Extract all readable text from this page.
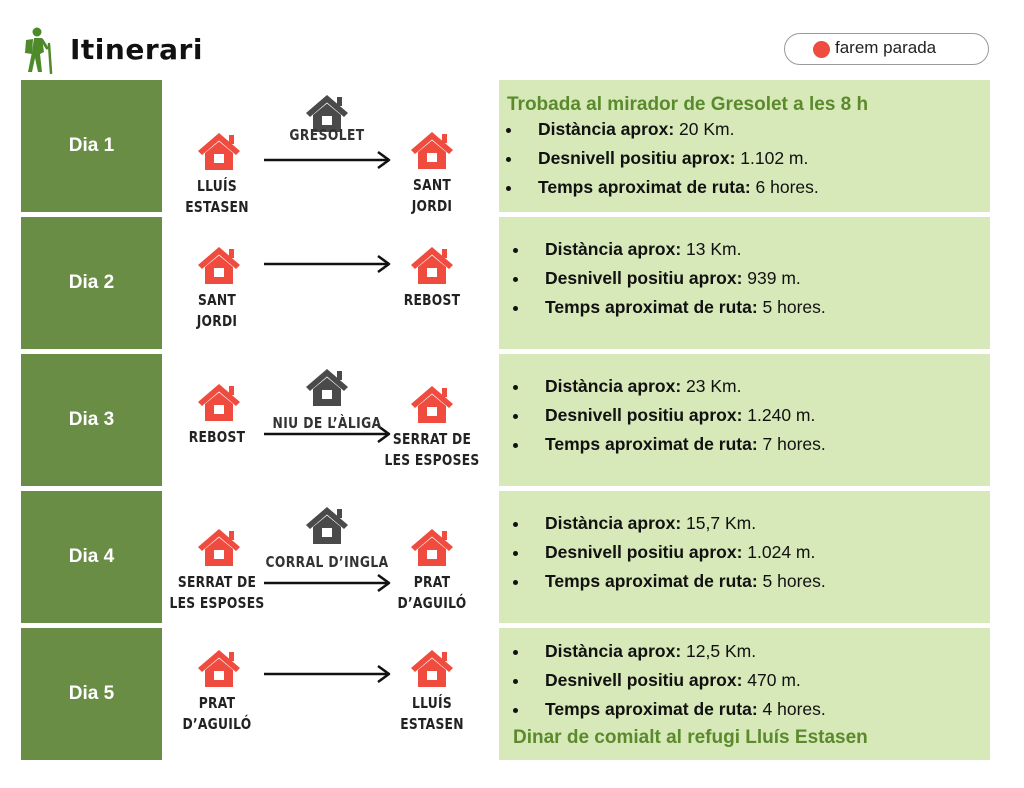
Itinerari	farem parada
Dia 1
LLUÍS
ESTASEN
SANT
JORDI
GRESOLET
Trobada al mirador de Gresolet a les 8 h
Distància aprox: 20 Km.
Desnivell positiu aprox: 1.102 m.
Temps aproximat de ruta: 6 hores.
Dia 2
SANT
JORDI
REBOST
Distància aprox: 13 Km.
Desnivell positiu aprox: 939 m.
Temps aproximat de ruta: 5 hores.
Dia 3
REBOST	SERRAT DE
LES ESPOSES
NIU DE L’ÀLIGA
Distància aprox: 23 Km.
Desnivell positiu aprox: 1.240 m.
Temps aproximat de ruta: 7 hores.
Dia 4
SERRAT DE
LES ESPOSES
PRAT
D’AGUILÓ
CORRAL D’INGLA
Distància aprox: 15,7 Km.
Desnivell positiu aprox: 1.024 m.
Temps aproximat de ruta: 5 hores.
Dia 5	PRAT
D’AGUILÓ
LLUÍS
ESTASEN
Distància aprox: 12,5 Km.
Desnivell positiu aprox: 470 m.
Temps aproximat de ruta: 4 hores.
Dinar de comialt al refugi Lluís Estasen
